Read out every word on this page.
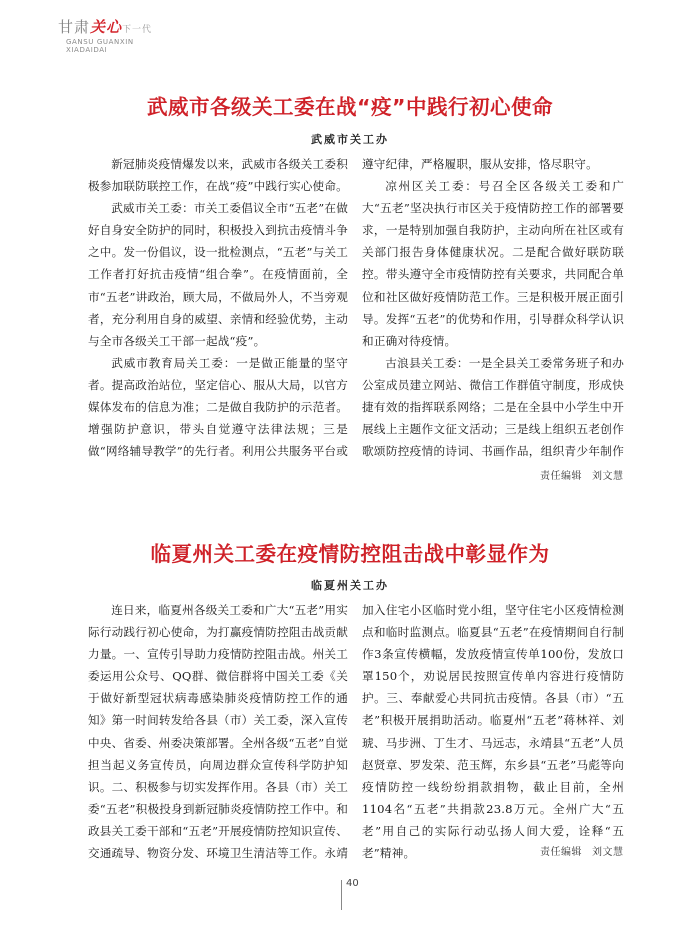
甘肃关心下一代
GANSU GUANXIN
XIADAIDAI
武威市各级关工委在战“疫”中践行初心使命
武威市关工办

新冠肺炎疫情爆发以来，武威市各级关工委积极参加联防联控工作，在战“疫”中践行实心使命。

武威市关工委：市关工委倡议全市“五老”在做好自身安全防护的同时，积极投入到抗击疫情斗争之中。发一份倡议，设一批检测点，“五老”与关工工作者打好抗击疫情“组合拳”。在疫情面前，全市“五老”讲政治，顾大局，不做局外人，不当旁观者，充分利用自身的威望、亲情和经验优势，主动与全市各级关工干部一起战“疫”。

武威市教育局关工委：一是做正能量的坚守者。提高政治站位，坚定信心、服从大局，以官方媒体发布的信息为准；二是做自我防护的示范者。增强防护意识，带头自觉遵守法律法规；三是做“网络辅导教学”的先行者。利用公共服务平台或

遵守纪律，严格履职，服从安排，恪尽职守。

凉州区关工委：号召全区各级关工委和广大“五老”坚决执行市区关于疫情防控工作的部署要求，一是特别加强自我防护，主动向所在社区或有关部门报告身体健康状况。二是配合做好联防联控。带头遵守全市疫情防控有关要求，共同配合单位和社区做好疫情防范工作。三是积极开展正面引导。发挥“五老”的优势和作用，引导群众科学认识和正确对待疫情。

古浪县关工委：一是全县关工委常务班子和办公室成员建立网站、微信工作群值守制度，形成快捷有效的指挥联系网络；二是在全县中小学生中开展线上主题作文征文活动；三是线上组织五老创作歌颂防控疫情的诗词、书画作品，组织青少年制作

责任编辑 刘文慧
临夏州关工委在疫情防控阻击战中彰显作为
临夏州关工办

连日来，临夏州各级关工委和广大“五老”用实际行动践行初心使命，为打赢疫情防控阻击战贡献力量。一、宣传引导助力疫情防控阻击战。州关工委运用公众号、QQ群、微信群将中国关工委《关于做好新型冠状病毒感染肺炎疫情防控工作的通知》第一时间转发给各县（市）关工委，深入宣传中央、省委、州委决策部署。全州各级“五老”自觉担当起义务宣传员，向周边群众宣传科学防护知识。二、积极参与切实发挥作用。各县（市）关工委“五老”积极投身到新冠肺炎疫情防控工作中。和政县关工委干部和“五老”开展疫情防控知识宣传、交通疏导、物资分发、环境卫生清洁等工作。永靖

加入住宅小区临时党小组，坚守住宅小区疫情检测点和临时监测点。临夏县“五老”在疫情期间自行制作3条宣传横幅，发放疫情宣传单100份，发放口罩150个，劝说居民按照宣传单内容进行疫情防护。三、奉献爱心共同抗击疫情。各县（市）“五老”积极开展捐助活动。临夏州“五老”蒋林祥、刘琥、马步洲、丁生才、马远志，永靖县“五老”人员赵贤章、罗发荣、范玉辉，东乡县“五老”马彪等向疫情防控一线纷纷捐款捐物，截止目前，全州1104名“五老”共捐款23.8万元。全州广大“五老”用自己的实际行动弘扬人间大爱，诠释“五老”精神。	责任编辑 刘文慧
40
